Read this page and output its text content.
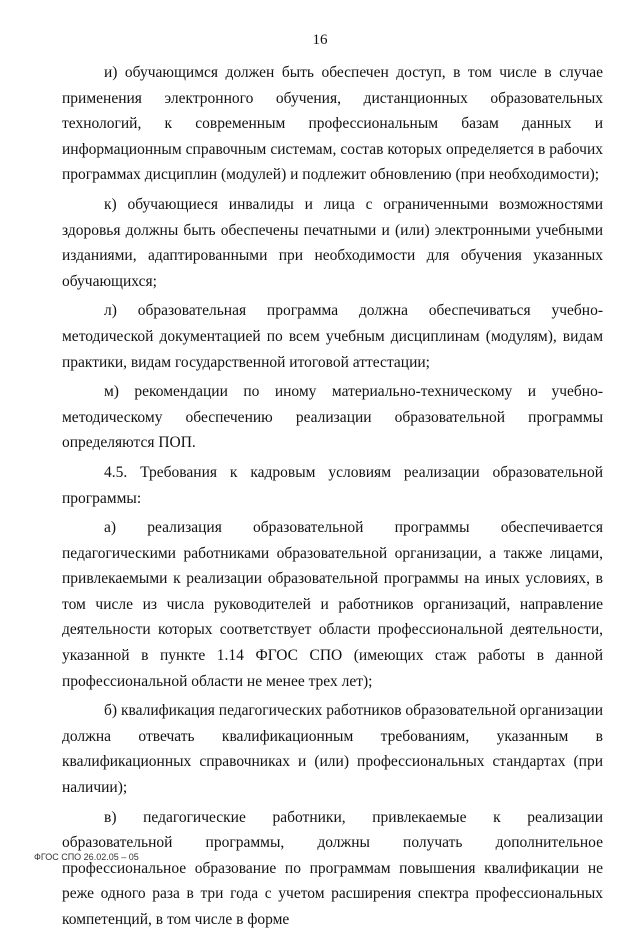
16

и) обучающимся должен быть обеспечен доступ, в том числе в случае применения электронного обучения, дистанционных образовательных технологий, к современным профессиональным базам данных и информационным справочным системам, состав которых определяется в рабочих программах дисциплин (модулей) и подлежит обновлению (при необходимости);

к) обучающиеся инвалиды и лица с ограниченными возможностями здоровья должны быть обеспечены печатными и (или) электронными учебными изданиями, адаптированными при необходимости для обучения указанных обучающихся;

л) образовательная программа должна обеспечиваться учебно-методической документацией по всем учебным дисциплинам (модулям), видам практики, видам государственной итоговой аттестации;

м) рекомендации по иному материально-техническому и учебно-методическому обеспечению реализации образовательной программы определяются ПОП.

4.5. Требования к кадровым условиям реализации образовательной программы:

а) реализация образовательной программы обеспечивается педагогическими работниками образовательной организации, а также лицами, привлекаемыми к реализации образовательной программы на иных условиях, в том числе из числа руководителей и работников организаций, направление деятельности которых соответствует области профессиональной деятельности, указанной в пункте 1.14 ФГОС СПО (имеющих стаж работы в данной профессиональной области не менее трех лет);

б) квалификация педагогических работников образовательной организации должна отвечать квалификационным требованиям, указанным в квалификационных справочниках и (или) профессиональных стандартах (при наличии);

в) педагогические работники, привлекаемые к реализации образовательной программы, должны получать дополнительное профессиональное образование по программам повышения квалификации не реже одного раза в три года с учетом расширения спектра профессиональных компетенций, в том числе в форме

ФГОС СПО 26.02.05 – 05
